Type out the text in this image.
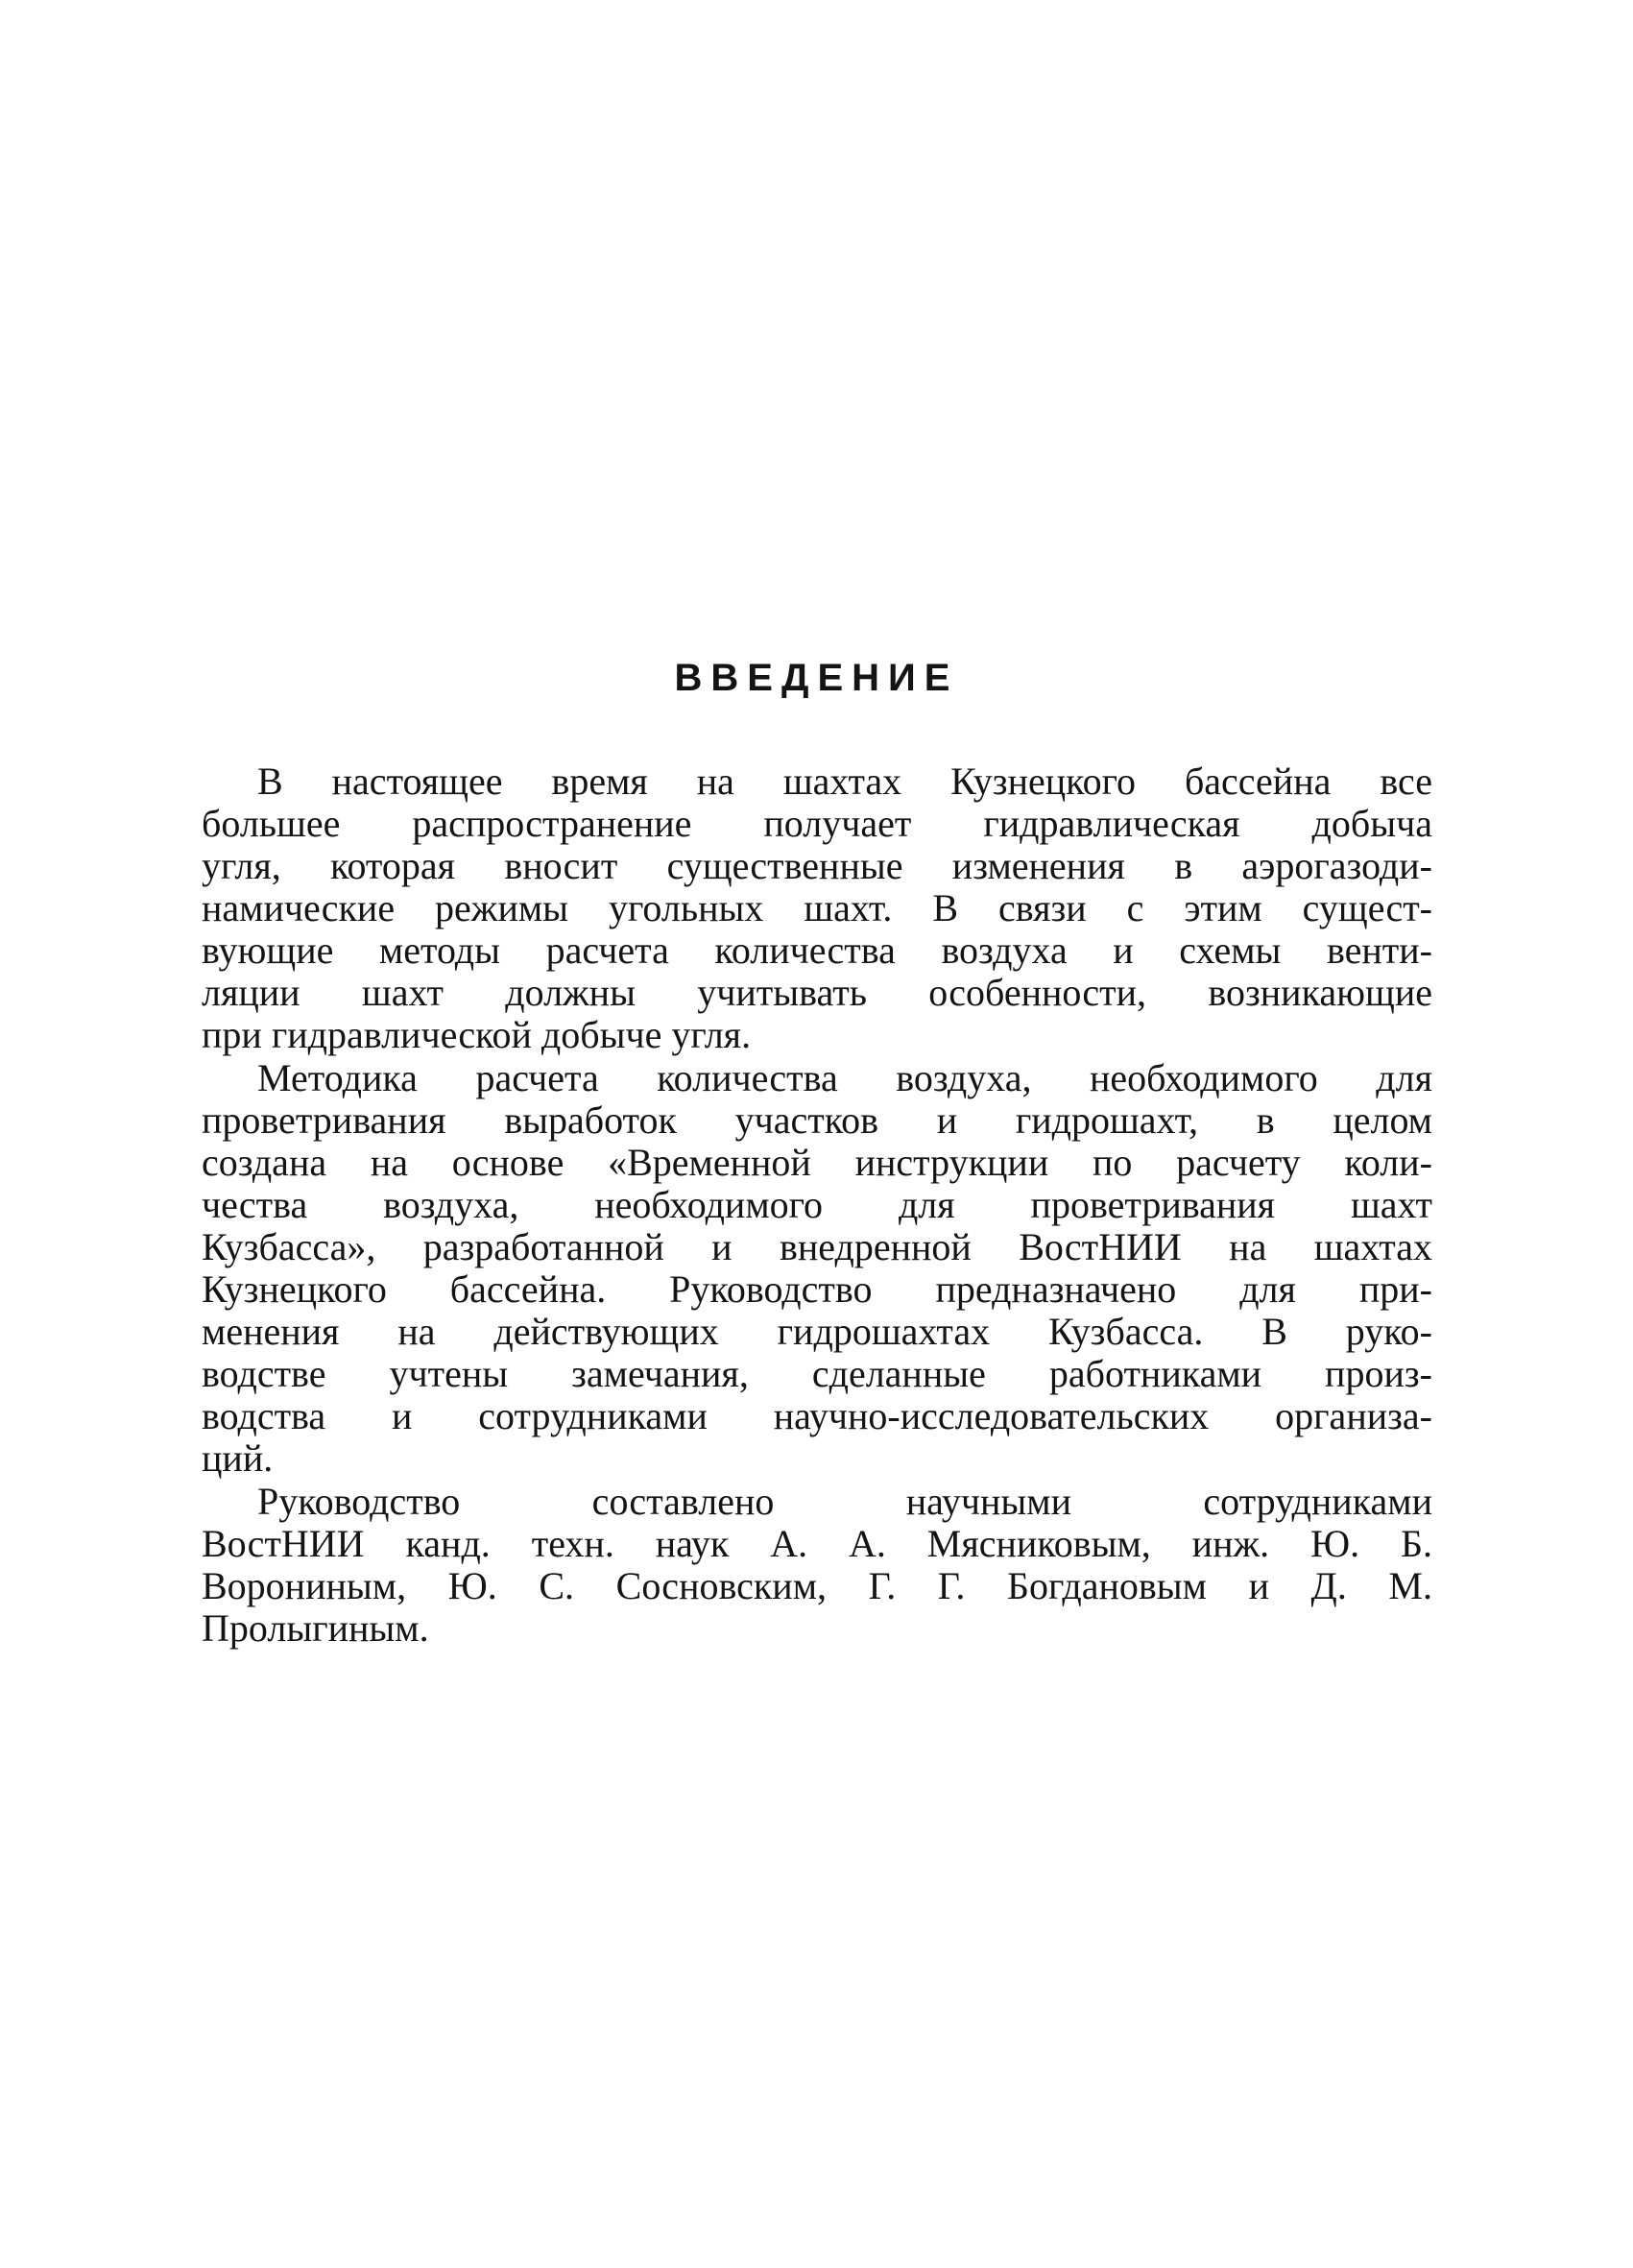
ВВЕДЕНИЕ
В настоящее время на шахтах Кузнецкого бассейна все
большее распространение получает гидравлическая добыча
угля, которая вносит существенные изменения в аэрогазоди-
намические режимы угольных шахт. В связи с этим сущест-
вующие методы расчета количества воздуха и схемы венти-
ляции шахт должны учитывать особенности, возникающие
при гидравлической добыче угля.
Методика расчета количества воздуха, необходимого для
проветривания выработок участков и гидрошахт, в целом
создана на основе «Временной инструкции по расчету коли-
чества воздуха, необходимого для проветривания шахт
Кузбасса», разработанной и внедренной ВостНИИ на шахтах
Кузнецкого бассейна. Руководство предназначено для при-
менения на действующих гидрошахтах Кузбасса. В руко-
водстве учтены замечания, сделанные работниками произ-
водства и сотрудниками научно-исследовательских организа-
ций.
Руководство составлено научными сотрудниками
ВостНИИ канд. техн. наук А. А. Мясниковым, инж. Ю. Б.
Ворониным, Ю. С. Сосновским, Г. Г. Богдановым и Д. М.
Пролыгиным.
